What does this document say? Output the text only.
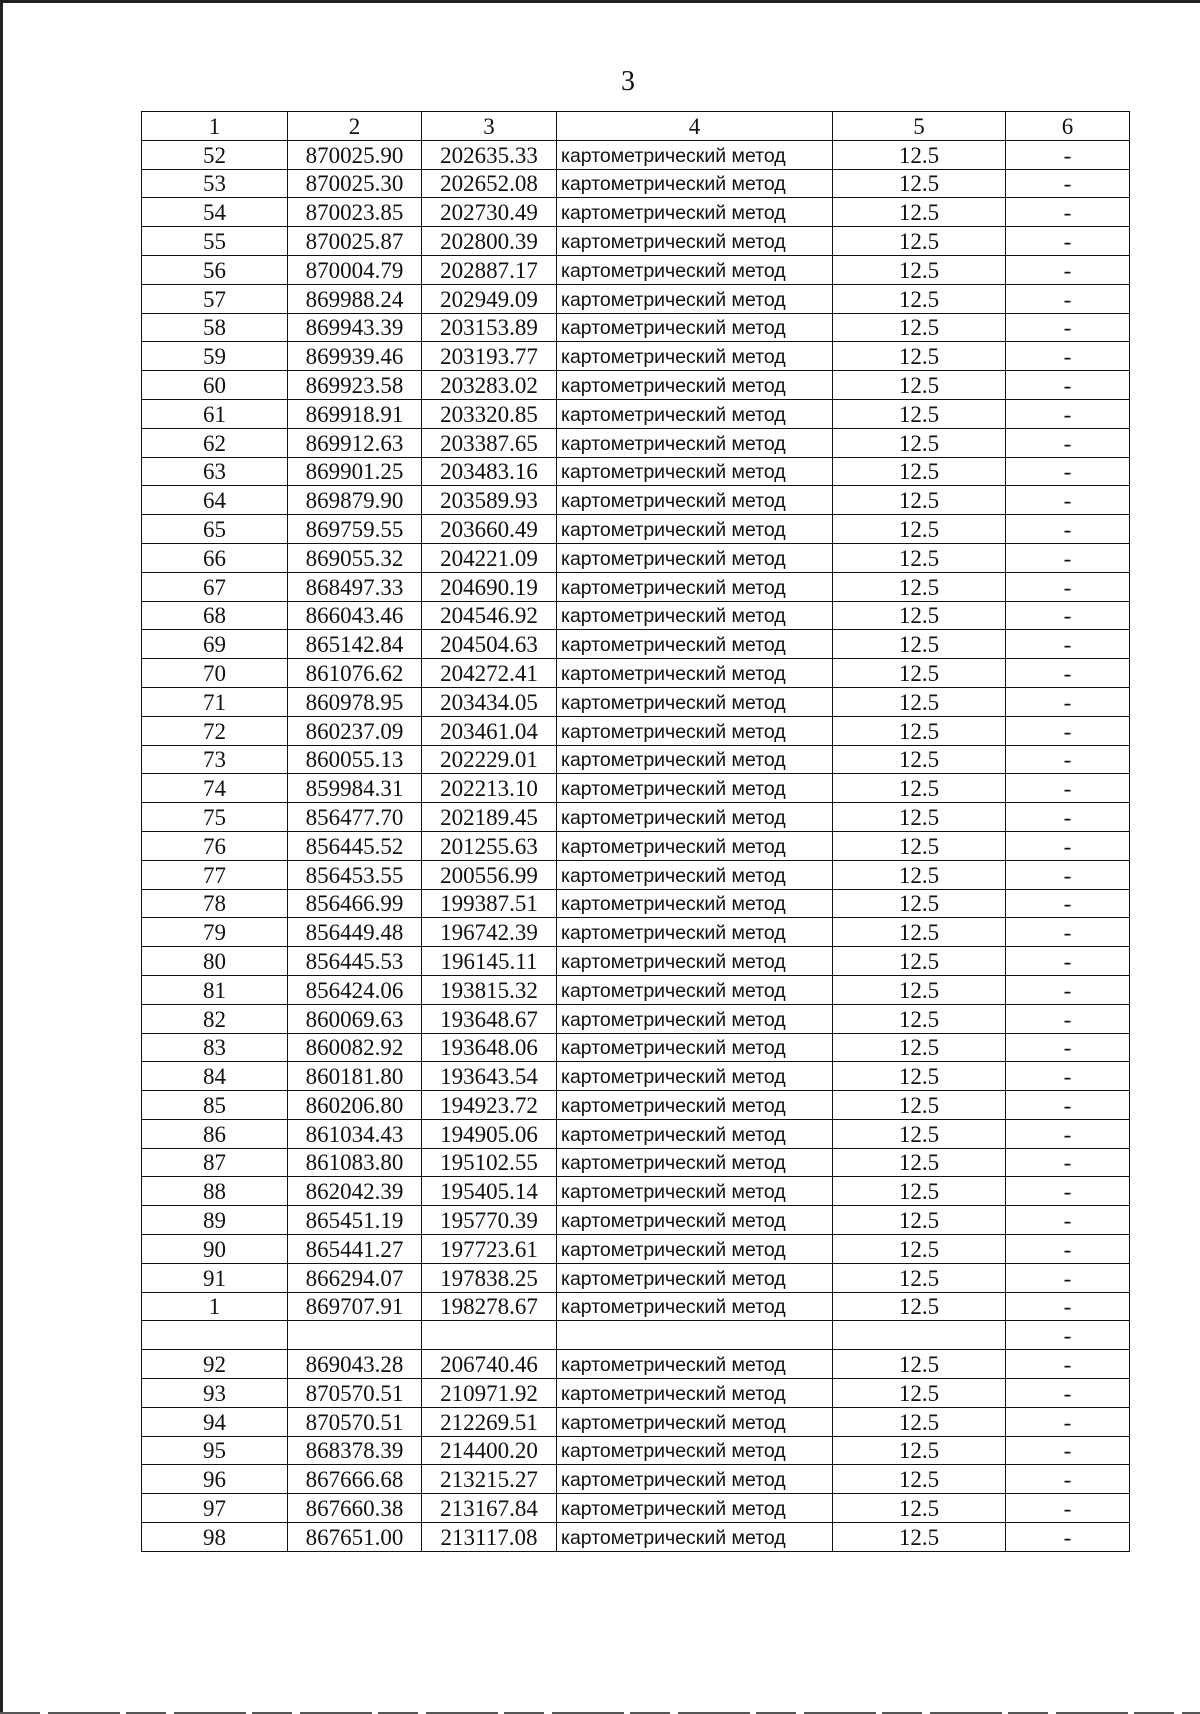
3
1	2	3	4	5	6
52	870025.90	202635.33	картометрический метод	12.5	-
53	870025.30	202652.08	картометрический метод	12.5	-
54	870023.85	202730.49	картометрический метод	12.5	-
55	870025.87	202800.39	картометрический метод	12.5	-
56	870004.79	202887.17	картометрический метод	12.5	-
57	869988.24	202949.09	картометрический метод	12.5	-
58	869943.39	203153.89	картометрический метод	12.5	-
59	869939.46	203193.77	картометрический метод	12.5	-
60	869923.58	203283.02	картометрический метод	12.5	-
61	869918.91	203320.85	картометрический метод	12.5	-
62	869912.63	203387.65	картометрический метод	12.5	-
63	869901.25	203483.16	картометрический метод	12.5	-
64	869879.90	203589.93	картометрический метод	12.5	-
65	869759.55	203660.49	картометрический метод	12.5	-
66	869055.32	204221.09	картометрический метод	12.5	-
67	868497.33	204690.19	картометрический метод	12.5	-
68	866043.46	204546.92	картометрический метод	12.5	-
69	865142.84	204504.63	картометрический метод	12.5	-
70	861076.62	204272.41	картометрический метод	12.5	-
71	860978.95	203434.05	картометрический метод	12.5	-
72	860237.09	203461.04	картометрический метод	12.5	-
73	860055.13	202229.01	картометрический метод	12.5	-
74	859984.31	202213.10	картометрический метод	12.5	-
75	856477.70	202189.45	картометрический метод	12.5	-
76	856445.52	201255.63	картометрический метод	12.5	-
77	856453.55	200556.99	картометрический метод	12.5	-
78	856466.99	199387.51	картометрический метод	12.5	-
79	856449.48	196742.39	картометрический метод	12.5	-
80	856445.53	196145.11	картометрический метод	12.5	-
81	856424.06	193815.32	картометрический метод	12.5	-
82	860069.63	193648.67	картометрический метод	12.5	-
83	860082.92	193648.06	картометрический метод	12.5	-
84	860181.80	193643.54	картометрический метод	12.5	-
85	860206.80	194923.72	картометрический метод	12.5	-
86	861034.43	194905.06	картометрический метод	12.5	-
87	861083.80	195102.55	картометрический метод	12.5	-
88	862042.39	195405.14	картометрический метод	12.5	-
89	865451.19	195770.39	картометрический метод	12.5	-
90	865441.27	197723.61	картометрический метод	12.5	-
91	866294.07	197838.25	картометрический метод	12.5	-
1	869707.91	198278.67	картометрический метод	12.5	-
					-
92	869043.28	206740.46	картометрический метод	12.5	-
93	870570.51	210971.92	картометрический метод	12.5	-
94	870570.51	212269.51	картометрический метод	12.5	-
95	868378.39	214400.20	картометрический метод	12.5	-
96	867666.68	213215.27	картометрический метод	12.5	-
97	867660.38	213167.84	картометрический метод	12.5	-
98	867651.00	213117.08	картометрический метод	12.5	-
